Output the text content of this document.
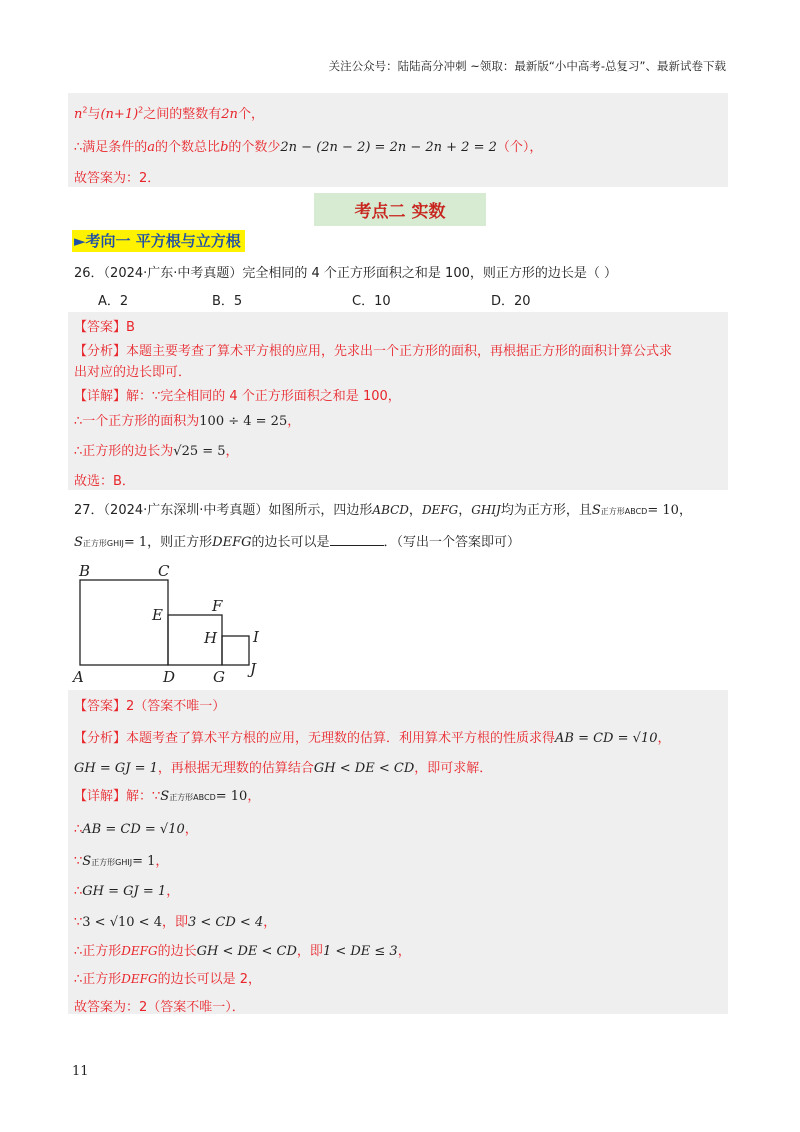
关注公众号：陆陆高分冲刺 ~领取：最新版“小中高考-总复习”、最新试卷下载
$n^2$与$(n+1)^2$之间的整数有2n个，
∴满足条件的a的个数总比b的个数少2n − (2n − 2) = 2n − 2n + 2 = 2（个），
故答案为：2．
考点二 实数
►考向一 平方根与立方根
26．（2024·广东·中考真题）完全相同的 4 个正方形面积之和是 100，则正方形的边长是（ ）
A．2	B．5	C．10	D．20
【答案】B
【分析】本题主要考查了算术平方根的应用，先求出一个正方形的面积，再根据正方形的面积计算公式求
出对应的边长即可．
【详解】解：∵完全相同的 4 个正方形面积之和是 100，
∴一个正方形的面积为100 ÷ 4 = 25，
∴正方形的边长为√25 = 5，
故选：B．
27．（2024·广东深圳·中考真题）如图所示，四边形ABCD，DEFG，GHIJ均为正方形，且S正方形ABCD= 10，
S正方形GHIJ= 1，则正方形DEFG的边长可以是	．（写出一个答案即可）
B	C
E	F
H I
A	D	G J
【答案】2（答案不唯一）
【分析】本题考查了算术平方根的应用，无理数的估算．利用算术平方根的性质求得AB = CD = √10，
GH = GJ = 1，再根据无理数的估算结合GH < DE < CD，即可求解．
【详解】解：∵S正方形ABCD= 10，
∴AB = CD = √10，
∵S正方形GHIJ= 1，
∴GH = GJ = 1，
∵3 < √10 < 4，即3 < CD < 4，
∴正方形DEFG的边长GH < DE < CD，即1 < DE ≤ 3，
∴正方形DEFG的边长可以是 2，
故答案为：2（答案不唯一）．
11
